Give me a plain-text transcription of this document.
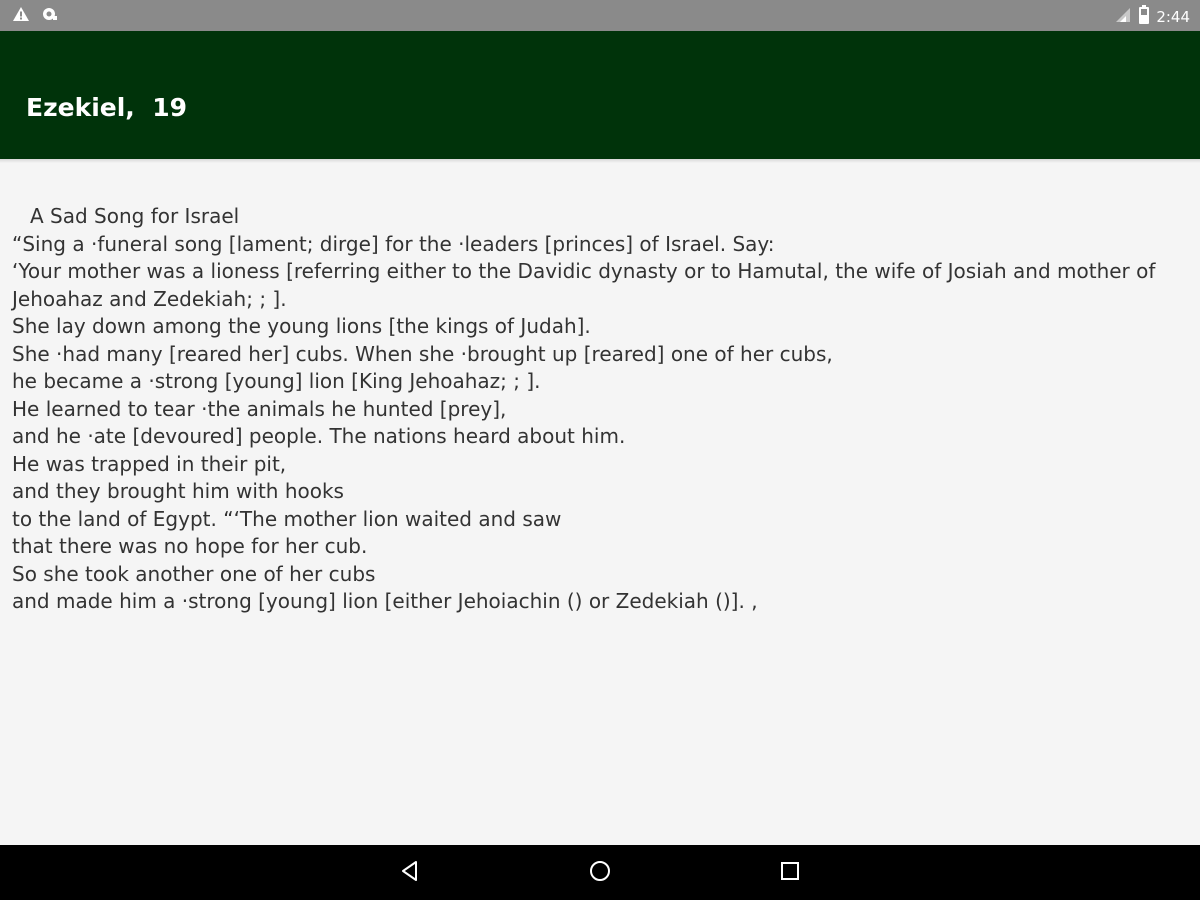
2:44
Ezekiel,  19
A Sad Song for Israel
“Sing a ·funeral song [lament; dirge] for the ·leaders [princes] of Israel. Say:
‘Your mother was a lioness [referring either to the Davidic dynasty or to Hamutal, the wife of Josiah and mother of Jehoahaz and Zedekiah; ; ].
She lay down among the young lions [the kings of Judah].
She ·had many [reared her] cubs. When she ·brought up [reared] one of her cubs,
he became a ·strong [young] lion [King Jehoahaz; ; ].
He learned to tear ·the animals he hunted [prey],
and he ·ate [devoured] people. The nations heard about him.
He was trapped in their pit,
and they brought him with hooks
to the land of Egypt. “‘The mother lion waited and saw
that there was no hope for her cub.
So she took another one of her cubs
and made him a ·strong [young] lion [either Jehoiachin () or Zedekiah ()]. ,
